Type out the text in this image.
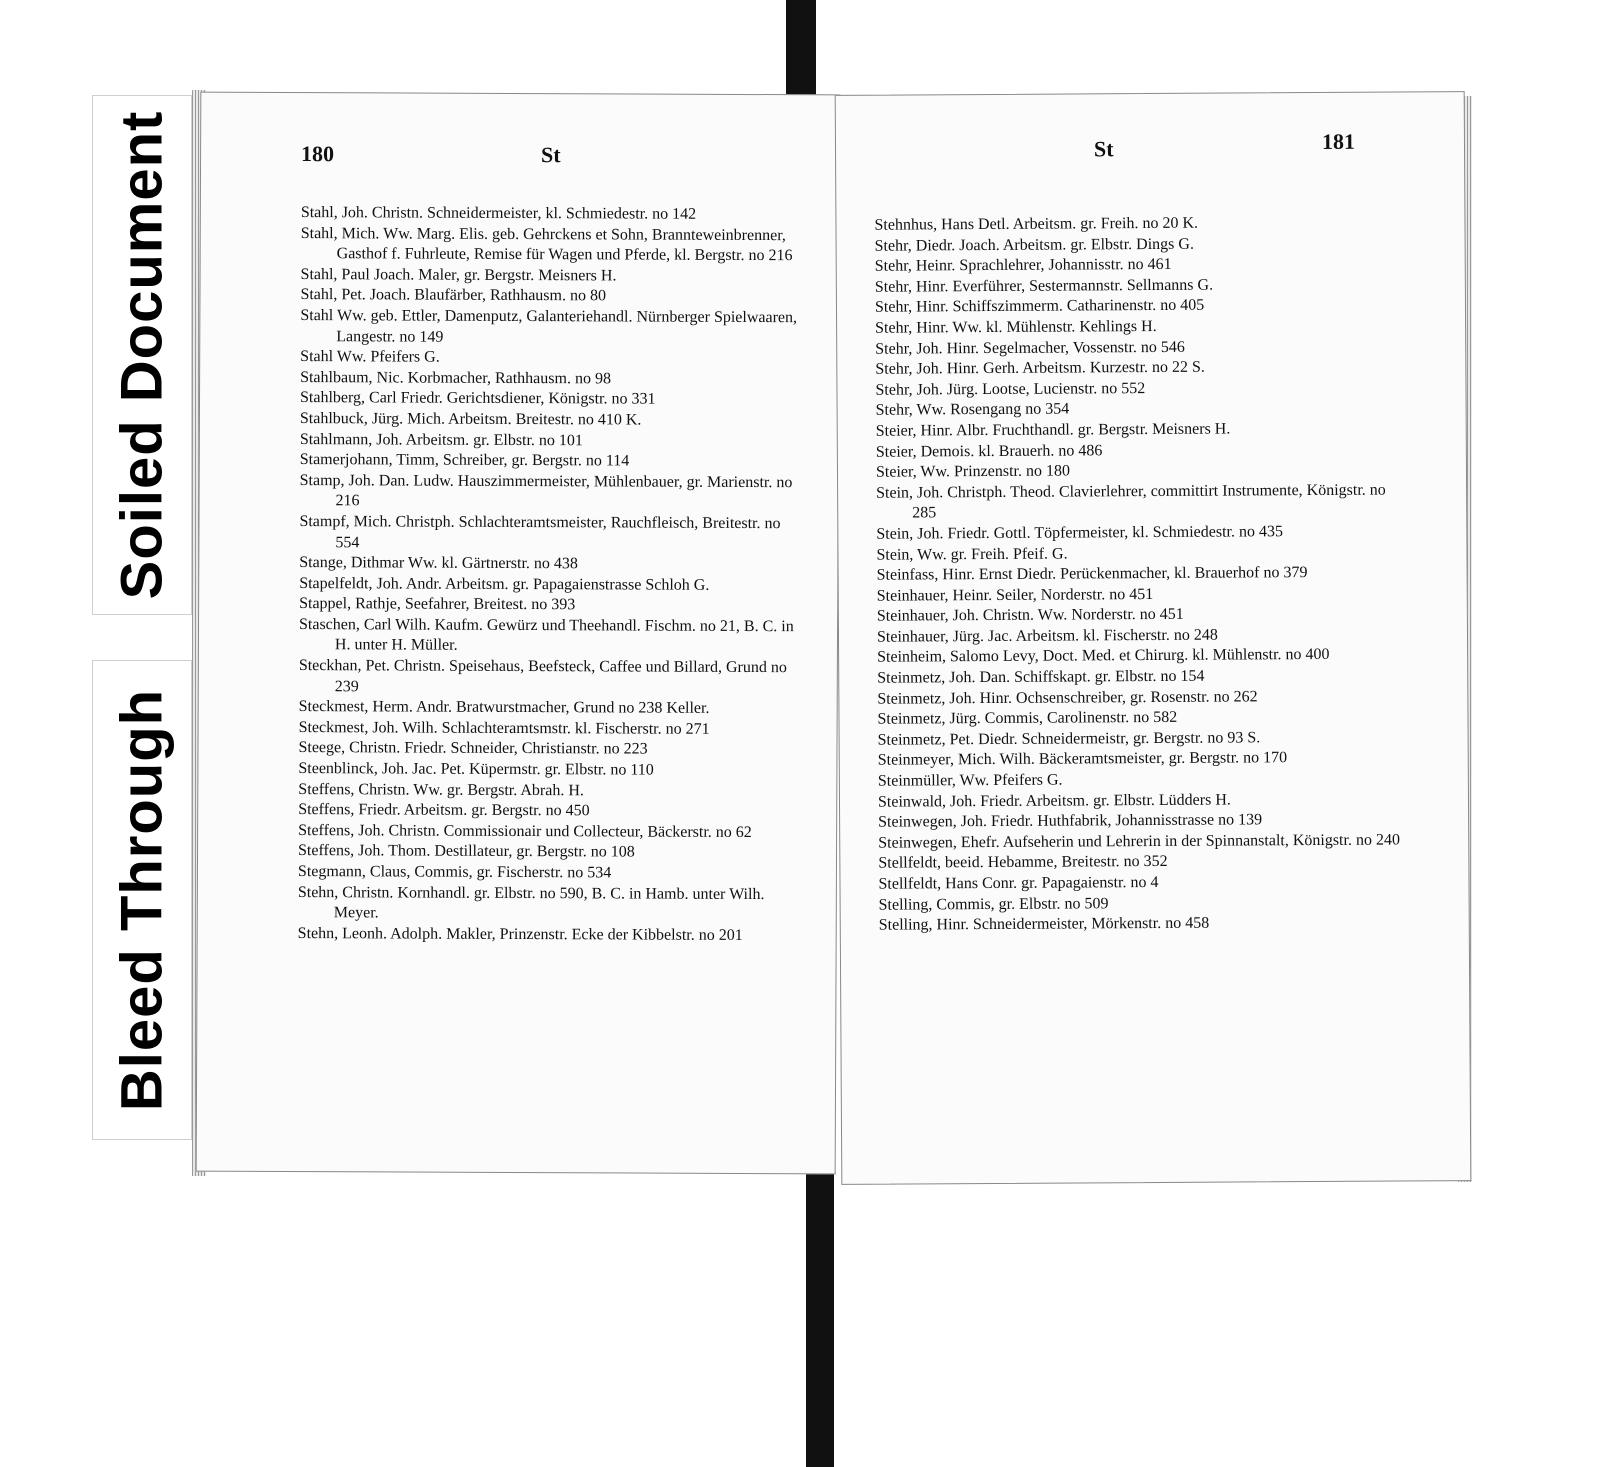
Soiled Document
Bleed Through
180	St

Stahl, Joh. Christn. Schneidermeister, kl. Schmiedestr. no 142

Stahl, Mich. Ww. Marg. Elis. geb. Gehrckens et Sohn, Brannteweinbrenner, Gasthof f. Fuhrleute, Remise für Wagen und Pferde, kl. Bergstr. no 216

Stahl, Paul Joach. Maler, gr. Bergstr. Meisners H.

Stahl, Pet. Joach. Blaufärber, Rathhausm. no 80

Stahl Ww. geb. Ettler, Damenputz, Galanteriehandl. Nürnberger Spielwaaren, Langestr. no 149

Stahl Ww. Pfeifers G.

Stahlbaum, Nic. Korbmacher, Rathhausm. no 98

Stahlberg, Carl Friedr. Gerichtsdiener, Königstr. no 331

Stahlbuck, Jürg. Mich. Arbeitsm. Breitestr. no 410 K.

Stahlmann, Joh. Arbeitsm. gr. Elbstr. no 101

Stamerjohann, Timm, Schreiber, gr. Bergstr. no 114

Stamp, Joh. Dan. Ludw. Hauszimmermeister, Mühlenbauer, gr. Marienstr. no 216

Stampf, Mich. Christph. Schlachteramtsmeister, Rauchfleisch, Breitestr. no 554

Stange, Dithmar Ww. kl. Gärtnerstr. no 438

Stapelfeldt, Joh. Andr. Arbeitsm. gr. Papagaienstrasse Schloh G.

Stappel, Rathje, Seefahrer, Breitest. no 393

Staschen, Carl Wilh. Kaufm. Gewürz und Theehandl. Fischm. no 21, B. C. in H. unter H. Müller.

Steckhan, Pet. Christn. Speisehaus, Beefsteck, Caffee und Billard, Grund no 239

Steckmest, Herm. Andr. Bratwurstmacher, Grund no 238 Keller.

Steckmest, Joh. Wilh. Schlachteramtsmstr. kl. Fischerstr. no 271

Steege, Christn. Friedr. Schneider, Christianstr. no 223

Steenblinck, Joh. Jac. Pet. Küpermstr. gr. Elbstr. no 110

Steffens, Christn. Ww. gr. Bergstr. Abrah. H.

Steffens, Friedr. Arbeitsm. gr. Bergstr. no 450

Steffens, Joh. Christn. Commissionair und Collecteur, Bäckerstr. no 62

Steffens, Joh. Thom. Destillateur, gr. Bergstr. no 108

Stegmann, Claus, Commis, gr. Fischerstr. no 534

Stehn, Christn. Kornhandl. gr. Elbstr. no 590, B. C. in Hamb. unter Wilh. Meyer.

Stehn, Leonh. Adolph. Makler, Prinzenstr. Ecke der Kibbelstr. no 201

St	181

Stehnhus, Hans Detl. Arbeitsm. gr. Freih. no 20 K.

Stehr, Diedr. Joach. Arbeitsm. gr. Elbstr. Dings G.

Stehr, Heinr. Sprachlehrer, Johannisstr. no 461

Stehr, Hinr. Everführer, Sestermannstr. Sellmanns G.

Stehr, Hinr. Schiffszimmerm. Catharinenstr. no 405

Stehr, Hinr. Ww. kl. Mühlenstr. Kehlings H.

Stehr, Joh. Hinr. Segelmacher, Vossenstr. no 546

Stehr, Joh. Hinr. Gerh. Arbeitsm. Kurzestr. no 22 S.

Stehr, Joh. Jürg. Lootse, Lucienstr. no 552

Stehr, Ww. Rosengang no 354

Steier, Hinr. Albr. Fruchthandl. gr. Bergstr. Meisners H.

Steier, Demois. kl. Brauerh. no 486

Steier, Ww. Prinzenstr. no 180

Stein, Joh. Christph. Theod. Clavierlehrer, committirt Instrumente, Königstr. no 285

Stein, Joh. Friedr. Gottl. Töpfermeister, kl. Schmiedestr. no 435

Stein, Ww. gr. Freih. Pfeif. G.

Steinfass, Hinr. Ernst Diedr. Perückenmacher, kl. Brauerhof no 379

Steinhauer, Heinr. Seiler, Norderstr. no 451

Steinhauer, Joh. Christn. Ww. Norderstr. no 451

Steinhauer, Jürg. Jac. Arbeitsm. kl. Fischerstr. no 248

Steinheim, Salomo Levy, Doct. Med. et Chirurg. kl. Mühlenstr. no 400

Steinmetz, Joh. Dan. Schiffskapt. gr. Elbstr. no 154

Steinmetz, Joh. Hinr. Ochsenschreiber, gr. Rosenstr. no 262

Steinmetz, Jürg. Commis, Carolinenstr. no 582

Steinmetz, Pet. Diedr. Schneidermeistr, gr. Bergstr. no 93 S.

Steinmeyer, Mich. Wilh. Bäckeramtsmeister, gr. Bergstr. no 170

Steinmüller, Ww. Pfeifers G.

Steinwald, Joh. Friedr. Arbeitsm. gr. Elbstr. Lüdders H.

Steinwegen, Joh. Friedr. Huthfabrik, Johannisstrasse no 139

Steinwegen, Ehefr. Aufseherin und Lehrerin in der Spinnanstalt, Königstr. no 240

Stellfeldt, beeid. Hebamme, Breitestr. no 352

Stellfeldt, Hans Conr. gr. Papagaienstr. no 4

Stelling, Commis, gr. Elbstr. no 509

Stelling, Hinr. Schneidermeister, Mörkenstr. no 458
